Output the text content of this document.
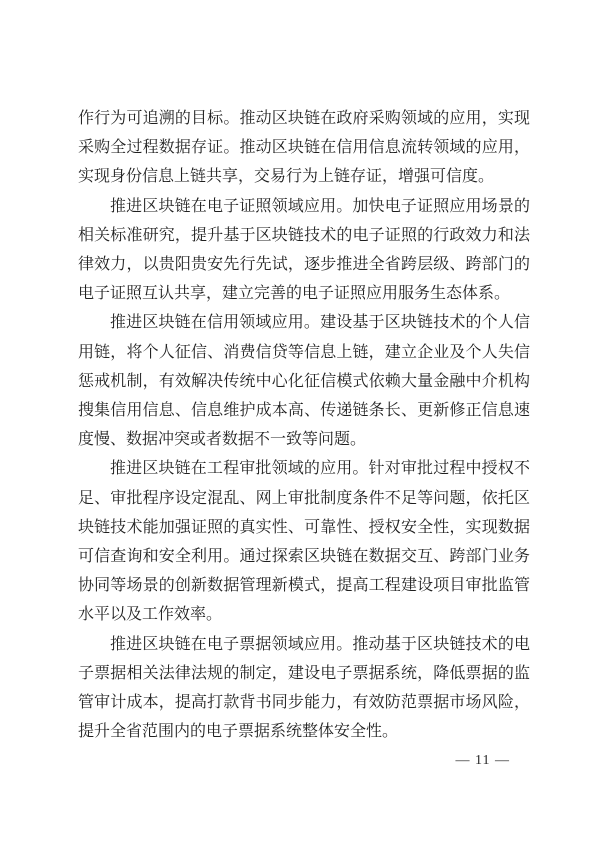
作行为可追溯的目标。推动区块链在政府采购领域的应用，实现采购全过程数据存证。推动区块链在信用信息流转领域的应用，实现身份信息上链共享，交易行为上链存证，增强可信度。

推进区块链在电子证照领域应用。加快电子证照应用场景的相关标准研究，提升基于区块链技术的电子证照的行政效力和法律效力，以贵阳贵安先行先试，逐步推进全省跨层级、跨部门的电子证照互认共享，建立完善的电子证照应用服务生态体系。

推进区块链在信用领域应用。建设基于区块链技术的个人信用链，将个人征信、消费信贷等信息上链，建立企业及个人失信惩戒机制，有效解决传统中心化征信模式依赖大量金融中介机构搜集信用信息、信息维护成本高、传递链条长、更新修正信息速度慢、数据冲突或者数据不一致等问题。

推进区块链在工程审批领域的应用。针对审批过程中授权不足、审批程序设定混乱、网上审批制度条件不足等问题，依托区块链技术能加强证照的真实性、可靠性、授权安全性，实现数据可信查询和安全利用。通过探索区块链在数据交互、跨部门业务协同等场景的创新数据管理新模式，提高工程建设项目审批监管水平以及工作效率。

推进区块链在电子票据领域应用。推动基于区块链技术的电子票据相关法律法规的制定，建设电子票据系统，降低票据的监管审计成本，提高打款背书同步能力，有效防范票据市场风险，提升全省范围内的电子票据系统整体安全性。

— 11 —
